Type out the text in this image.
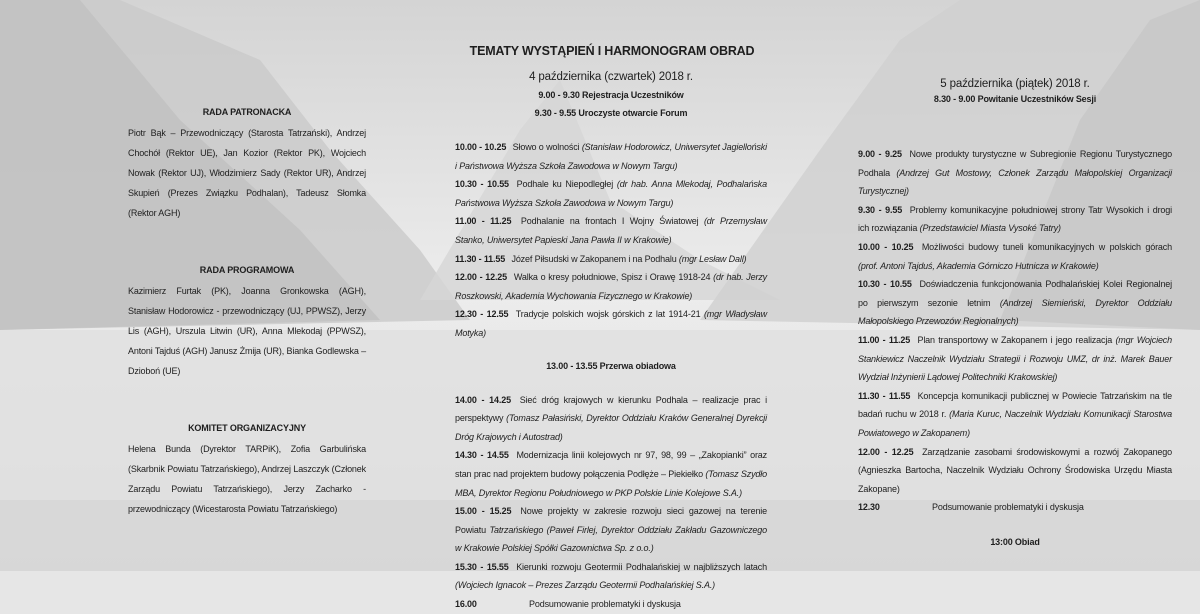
RADA PATRONACKA

Piotr Bąk – Przewodniczący (Starosta Tatrzański), Andrzej Chochół (Rektor UE), Jan Kozior (Rektor PK), Wojciech Nowak (Rektor UJ), Włodzimierz Sady (Rektor UR), Andrzej Skupień (Prezes Związku Podhalan), Tadeusz Słomka (Rektor AGH)

RADA PROGRAMOWA

Kazimierz Furtak (PK), Joanna Gronkowska (AGH), Stanisław Hodorowicz - przewodniczący (UJ, PPWSZ), Jerzy Lis (AGH), Urszula Litwin (UR), Anna Mlekodaj (PPWSZ), Antoni Tajduś (AGH) Janusz Żmija (UR), Bianka Godlewska – Dzioboń (UE)

KOMITET ORGANIZACYJNY

Helena Bunda (Dyrektor TARPiK), Zofia Garbulińska (Skarbnik Powiatu Tatrzańskiego), Andrzej Laszczyk (Członek Zarządu Powiatu Tatrzańskiego), Jerzy Zacharko - przewodniczący (Wicestarosta Powiatu Tatrzańskiego)

TEMATY WYSTĄPIEŃ I HARMONOGRAM OBRAD
4 października (czwartek) 2018 r.
9.00 - 9.30 Rejestracja Uczestników
9.30 - 9.55 Uroczyste otwarcie Forum
10.00 - 10.25 Słowo o wolności (Stanisław Hodorowicz, Uniwersytet Jagielloński i Państwowa Wyższa Szkoła Zawodowa w Nowym Targu)
10.30 - 10.55 Podhale ku Niepodległej (dr hab. Anna Mlekodaj, Podhalańska Państwowa Wyższa Szkoła Zawodowa w Nowym Targu)
11.00 - 11.25 Podhalanie na frontach I Wojny Światowej (dr Przemysław Stanko, Uniwersytet Papieski Jana Pawła II w Krakowie)
11.30 - 11.55 Józef Piłsudski w Zakopanem i na Podhalu (mgr Lesław Dall)
12.00 - 12.25 Walka o kresy południowe, Spisz i Orawę 1918-24 (dr hab. Jerzy Roszkowski, Akademia Wychowania Fizycznego w Krakowie)
12.30 - 12.55 Tradycje polskich wojsk górskich z lat 1914-21 (mgr Władysław Motyka)
13.00 - 13.55 Przerwa obiadowa
14.00 - 14.25 Sieć dróg krajowych w kierunku Podhala – realizacje prac i perspektywy (Tomasz Pałasiński, Dyrektor Oddziału Kraków Generalnej Dyrekcji Dróg Krajowych i Autostrad)
14.30 - 14.55 Modernizacja linii kolejowych nr 97, 98, 99 – „Zakopianki” oraz stan prac nad projektem budowy połączenia Podłęże – Piekiełko (Tomasz Szydło MBA, Dyrektor Regionu Południowego w PKP Polskie Linie Kolejowe S.A.)
15.00 - 15.25 Nowe projekty w zakresie rozwoju sieci gazowej na terenie Powiatu Tatrzańskiego (Paweł Firlej, Dyrektor Oddziału Zakładu Gazowniczego w Krakowie Polskiej Spółki Gazownictwa Sp. z o.o.)
15.30 - 15.55 Kierunki rozwoju Geotermii Podhalańskiej w najbliższych latach (Wojciech Ignacok – Prezes Zarządu Geotermii Podhalańskiej S.A.)
16.00	Podsumowanie problematyki i dyskusja
5 października (piątek) 2018 r.
8.30 - 9.00 Powitanie Uczestników Sesji
9.00 - 9.25 Nowe produkty turystyczne w Subregionie Regionu Turystycznego Podhala (Andrzej Gut Mostowy, Członek Zarządu Małopolskiej Organizacji Turystycznej)
9.30 - 9.55 Problemy komunikacyjne południowej strony Tatr Wysokich i drogi ich rozwiązania (Przedstawiciel Miasta Vysoké Tatry)
10.00 - 10.25 Możliwości budowy tuneli komunikacyjnych w polskich górach (prof. Antoni Tajduś, Akademia Górniczo Hutnicza w Krakowie)
10.30 - 10.55 Doświadczenia funkcjonowania Podhalańskiej Kolei Regionalnej po pierwszym sezonie letnim (Andrzej Siemieński, Dyrektor Oddziału Małopolskiego Przewozów Regionalnych)
11.00 - 11.25 Plan transportowy w Zakopanem i jego realizacja (mgr Wojciech Stankiewicz Naczelnik Wydziału Strategii i Rozwoju UMZ, dr inż. Marek Bauer Wydział Inżynierii Lądowej Politechniki Krakowskiej)
11.30 - 11.55 Koncepcja komunikacji publicznej w Powiecie Tatrzańskim na tle badań ruchu w 2018 r. (Maria Kuruc, Naczelnik Wydziału Komunikacji Starostwa Powiatowego w Zakopanem)
12.00 - 12.25 Zarządzanie zasobami środowiskowymi a rozwój Zakopanego (Agnieszka Bartocha, Naczelnik Wydziału Ochrony Środowiska Urzędu Miasta Zakopane)
12.30	Podsumowanie problematyki i dyskusja
13:00 Obiad
